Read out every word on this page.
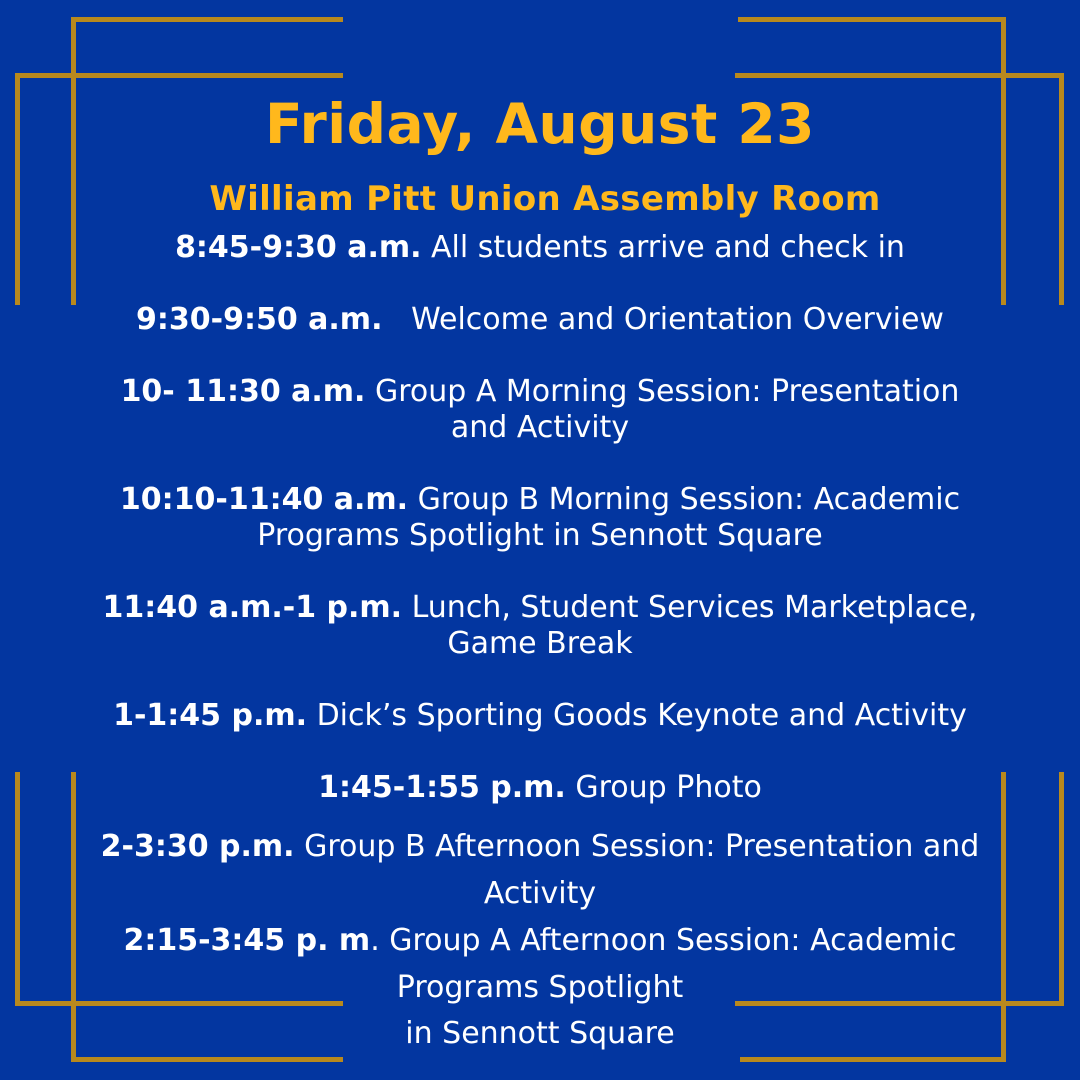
Friday, August 23
William Pitt Union Assembly Room
8:45-9:30 a.m. All students arrive and check in
9:30-9:50 a.m.   Welcome and Orientation Overview
10- 11:30 a.m. Group A Morning Session: Presentation
and Activity
10:10-11:40 a.m. Group B Morning Session: Academic
Programs Spotlight in Sennott Square
11:40 a.m.-1 p.m. Lunch, Student Services Marketplace,
Game Break
1-1:45 p.m. Dick’s Sporting Goods Keynote and Activity
1:45-1:55 p.m. Group Photo
2-3:30 p.m. Group B Afternoon Session: Presentation and
Activity
2:15-3:45 p. m. Group A Afternoon Session: Academic
Programs Spotlight
in Sennott Square
